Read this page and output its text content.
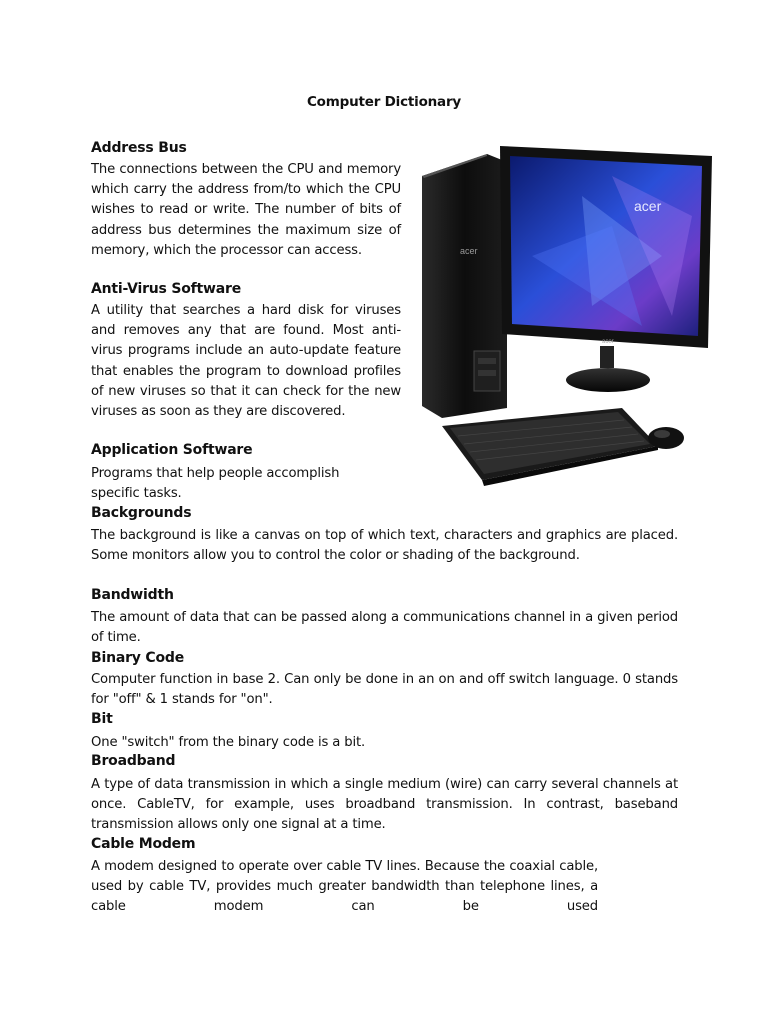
Computer Dictionary
Address Bus

The connections between the CPU and memory which carry the address from/to which the CPU wishes to read or write. The number of bits of address bus determines the maximum size of memory, which the processor can access.

Anti-Virus Software

A utility that searches a hard disk for viruses and removes any that are found. Most anti-virus programs include an auto-update feature that enables the program to download profiles of new viruses so that it can check for the new viruses as soon as they are discovered.

Application Software

Programs that help people accomplish specific tasks.

Backgrounds

The background is like a canvas on top of which text, characters and graphics are placed. Some monitors allow you to control the color or shading of the background.

Bandwidth

The amount of data that can be passed along a communications channel in a given period of time.

Binary Code

Computer function in base 2. Can only be done in an on and off switch language. 0 stands for "off" & 1 stands for "on".

Bit

One "switch" from the binary code is a bit.

Broadband

A type of data transmission in which a single medium (wire) can carry several channels at once. CableTV, for example, uses broadband transmission. In contrast, baseband transmission allows only one signal at a time.

Cable Modem

A modem designed to operate over cable TV lines. Because the coaxial cable, used by cable TV, provides much greater bandwidth than telephone lines, a cable modem can be used

acer
acer
acer
